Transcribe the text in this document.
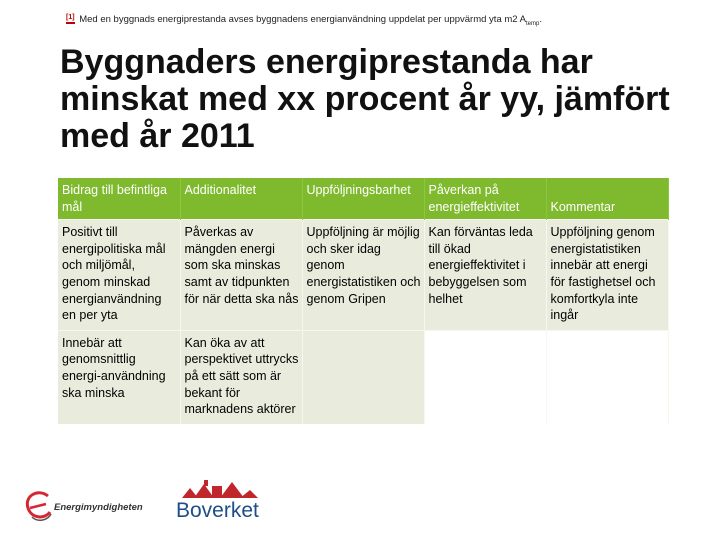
[1] Med en byggnads energiprestanda avses byggnadens energianvändning uppdelat per uppvärmd yta m2 $A_{temp}$.
Byggnaders energiprestanda har minskat med xx procent år yy, jämfört med år 2011
Bidrag till befintliga mål	Additionalitet	Uppföljningsbarhet	Påverkan på energieffektivitet	Kommentar
Positivt till energipolitiska mål och miljömål, genom minskad energianvändning en per yta	Påverkas av mängden energi som ska minskas samt av tidpunkten för när detta ska nås	Uppföljning är möjlig och sker idag genom energistatistiken och genom Gripen	Kan förväntas leda till ökad energieffektivitet i bebyggelsen som helhet	Uppföljning genom energistatistiken innebär att energi för fastighetsel och komfortkyla inte ingår
Innebär att genomsnittlig energi-användning ska minska	Kan öka av att perspektivet uttrycks på ett sätt som är bekant för marknadens aktörer			
Energimyndigheten Boverket
